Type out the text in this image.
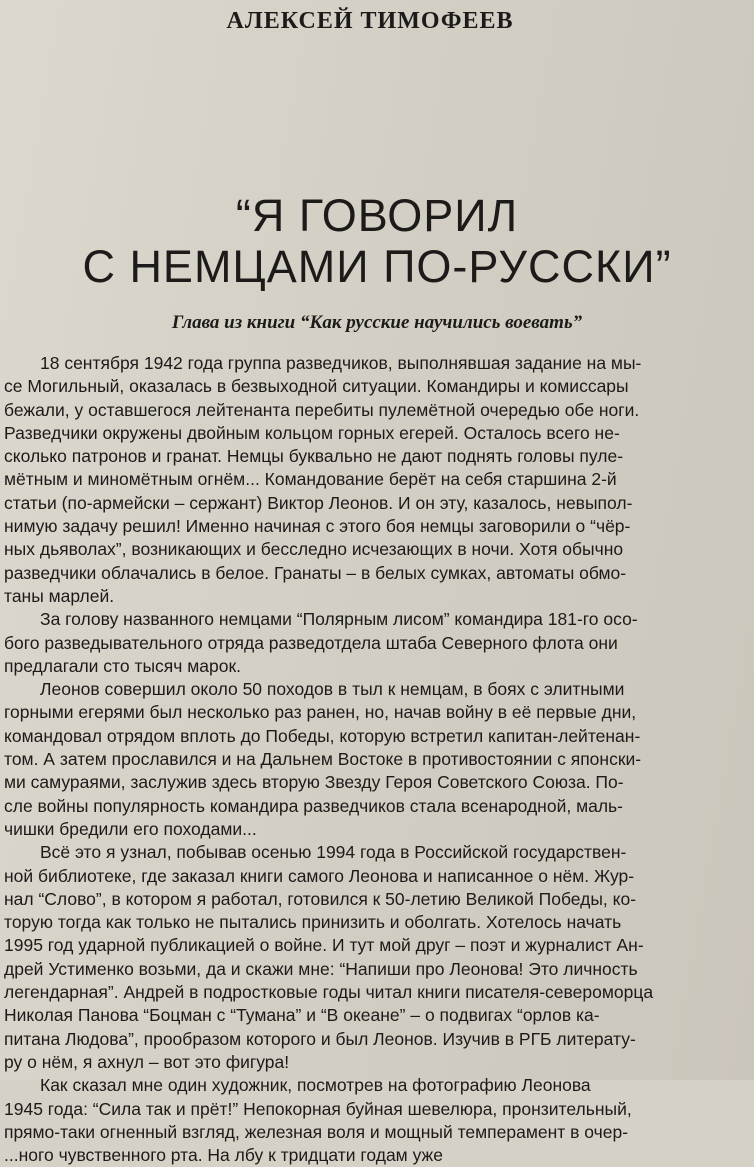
АЛЕКСЕЙ ТИМОФЕЕВ
“Я ГОВОРИЛ
С НЕМЦАМИ ПО-РУССКИ”
Глава из книги “Как русские научились воевать”
18 сентября 1942 года группа разведчиков, выполнявшая задание на мы-
се Могильный, оказалась в безвыходной ситуации. Командиры и комиссары
бежали, у оставшегося лейтенанта перебиты пулемётной очередью обе ноги.
Разведчики окружены двойным кольцом горных егерей. Осталось всего не-
сколько патронов и гранат. Немцы буквально не дают поднять головы пуле-
мётным и миномётным огнём... Командование берёт на себя старшина 2-й
статьи (по-армейски – сержант) Виктор Леонов. И он эту, казалось, невыпол-
нимую задачу решил! Именно начиная с этого боя немцы заговорили о “чёр-
ных дьяволах”, возникающих и бесследно исчезающих в ночи. Хотя обычно
разведчики облачались в белое. Гранаты – в белых сумках, автоматы обмо-
таны марлей.
За голову названного немцами “Полярным лисом” командира 181-го осо-
бого разведывательного отряда разведотдела штаба Северного флота они
предлагали сто тысяч марок.
Леонов совершил около 50 походов в тыл к немцам, в боях с элитными
горными егерями был несколько раз ранен, но, начав войну в её первые дни,
командовал отрядом вплоть до Победы, которую встретил капитан-лейтенан-
том. А затем прославился и на Дальнем Востоке в противостоянии с японски-
ми самураями, заслужив здесь вторую Звезду Героя Советского Союза. По-
сле войны популярность командира разведчиков стала всенародной, маль-
чишки бредили его походами...
Всё это я узнал, побывав осенью 1994 года в Российской государствен-
ной библиотеке, где заказал книги самого Леонова и написанное о нём. Жур-
нал “Слово”, в котором я работал, готовился к 50-летию Великой Победы, ко-
торую тогда как только не пытались принизить и оболгать. Хотелось начать
1995 год ударной публикацией о войне. И тут мой друг – поэт и журналист Ан-
дрей Устименко возьми, да и скажи мне: “Напиши про Леонова! Это личность
легендарная”. Андрей в подростковые годы читал книги писателя-североморца
Николая Панова “Боцман с “Тумана” и “В океане” – о подвигах “орлов ка-
питана Людова”, прообразом которого и был Леонов. Изучив в РГБ литерату-
ру о нём, я ахнул – вот это фигура!
Как сказал мне один художник, посмотрев на фотографию Леонова
1945 года: “Сила так и прёт!” Непокорная буйная шевелюра, пронзительный,
прямо-таки огненный взгляд, железная воля и мощный темперамент в очер-
...ного чувственного рта. На лбу к тридцати годам уже
